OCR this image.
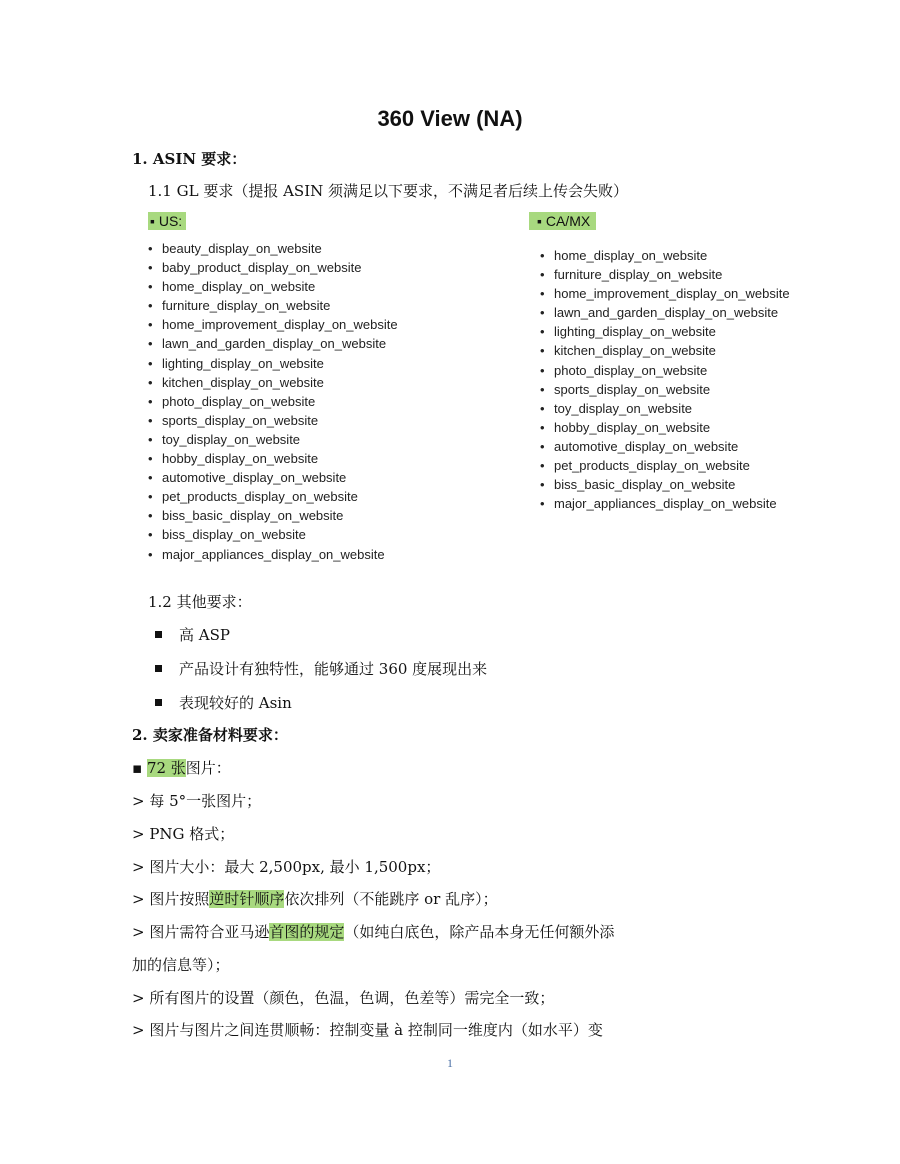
360 View (NA)
1. ASIN 要求：
1.1 GL 要求（提报 ASIN 须满足以下要求，不满足者后续上传会失败）
▪ US:
• beauty_display_on_website
• baby_product_display_on_website
• home_display_on_website
• furniture_display_on_website
• home_improvement_display_on_website
• lawn_and_garden_display_on_website
• lighting_display_on_website
• kitchen_display_on_website
• photo_display_on_website
• sports_display_on_website
• toy_display_on_website
• hobby_display_on_website
• automotive_display_on_website
• pet_products_display_on_website
• biss_basic_display_on_website
• biss_display_on_website
• major_appliances_display_on_website
▪ CA/MX
• home_display_on_website
• furniture_display_on_website
• home_improvement_display_on_website
• lawn_and_garden_display_on_website
• lighting_display_on_website
• kitchen_display_on_website
• photo_display_on_website
• sports_display_on_website
• toy_display_on_website
• hobby_display_on_website
• automotive_display_on_website
• pet_products_display_on_website
• biss_basic_display_on_website
• major_appliances_display_on_website
1.2 其他要求：
高 ASP
产品设计有独特性，能够通过 360 度展现出来
表现较好的 Asin
2. 卖家准备材料要求：
▪ 72 张图片：
> 每 5°一张图片；
> PNG 格式；
> 图片大小：最大 2,500px, 最小 1,500px；
> 图片按照逆时针顺序依次排列（不能跳序 or 乱序）；
> 图片需符合亚马逊首图的规定（如纯白底色，除产品本身无任何额外添
加的信息等）；
> 所有图片的设置（颜色，色温，色调，色差等）需完全一致；
> 图片与图片之间连贯顺畅：控制变量 à 控制同一维度内（如水平）变
1
